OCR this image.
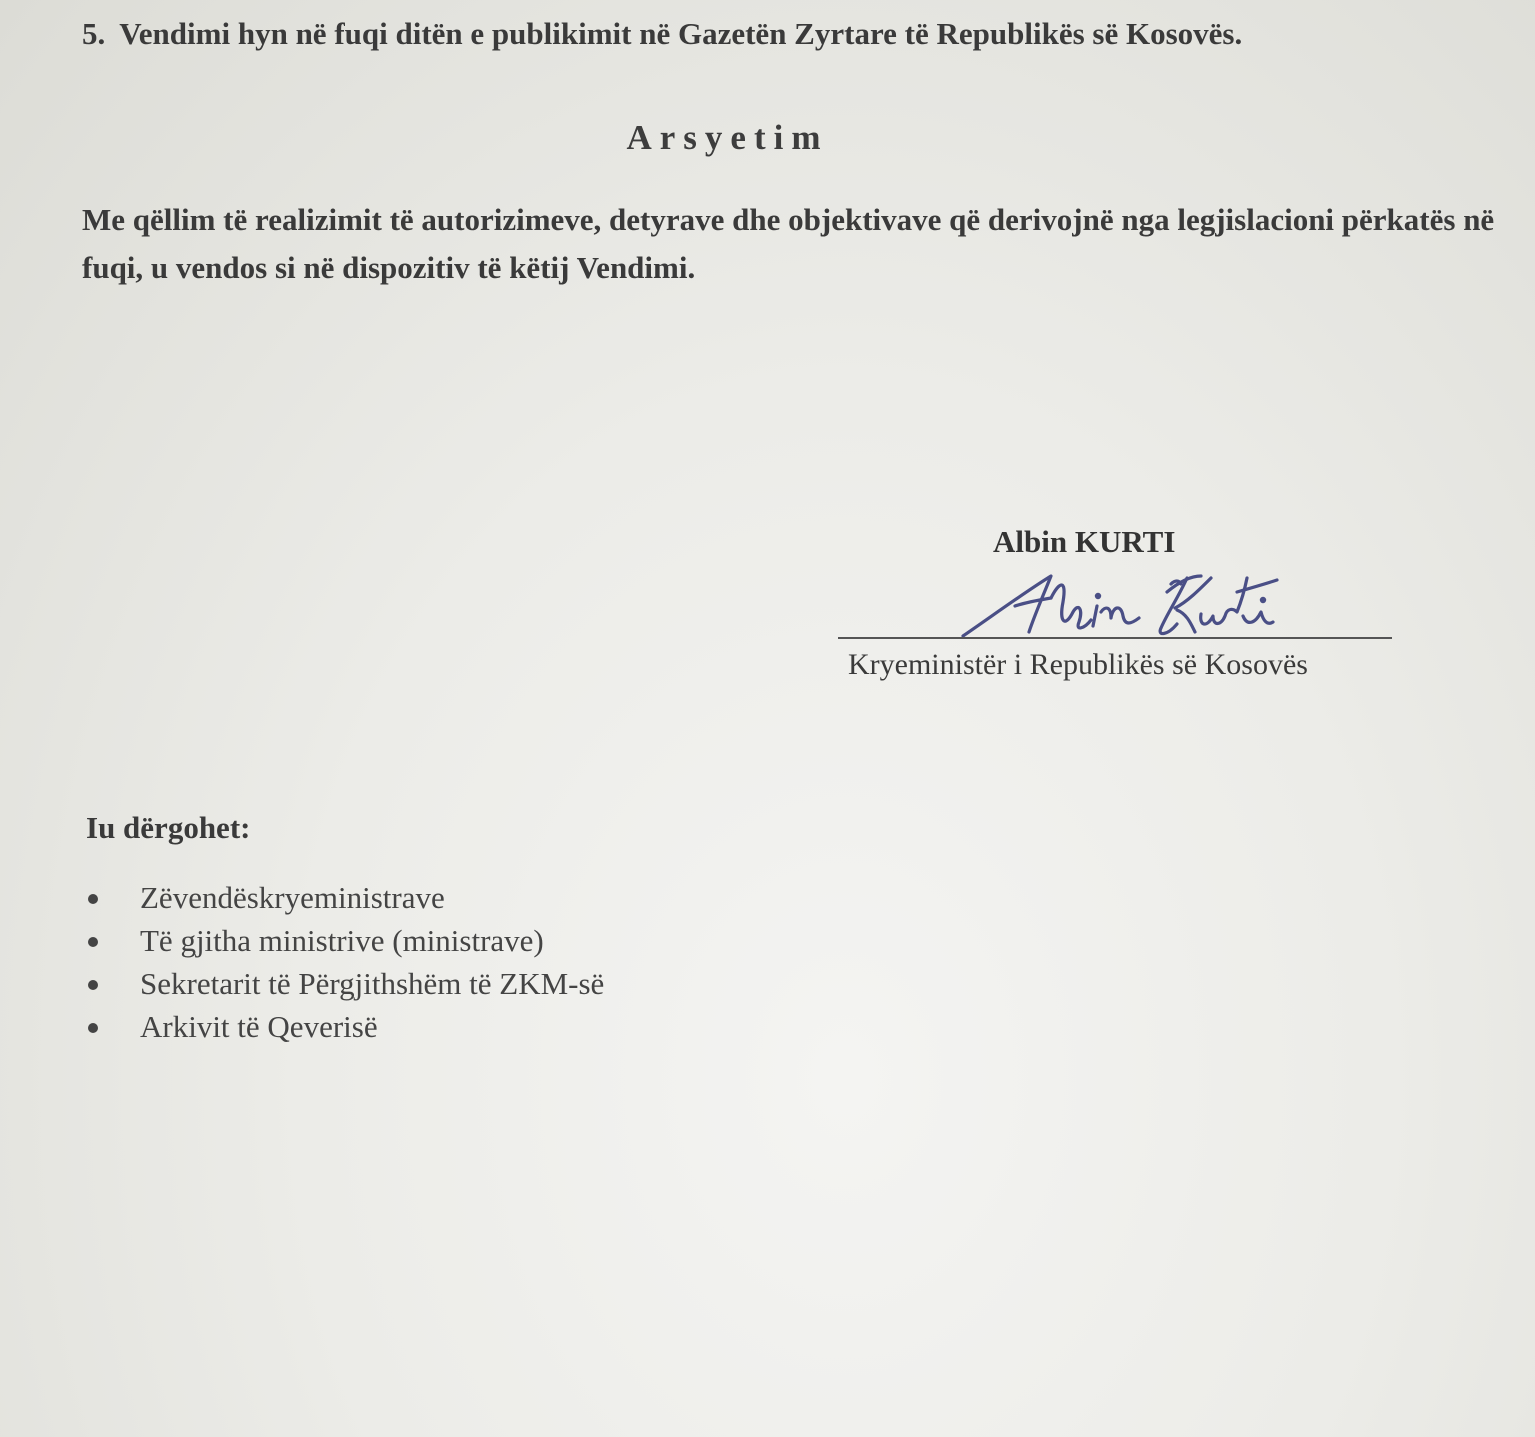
5. Vendimi hyn në fuqi ditën e publikimit në Gazetën Zyrtare të Republikës së Kosovës.
Arsyetim
Me qëllim të realizimit të autorizimeve, detyrave dhe objektivave që derivojnë nga legjislacioni përkatës në fuqi, u vendos si në dispozitiv të këtij Vendimi.
Albin KURTI
Kryeministër i Republikës së Kosovës
Iu dërgohet:
Zëvendëskryeministrave
Të gjitha ministrive (ministrave)
Sekretarit të Përgjithshëm të ZKM-së
Arkivit të Qeverisë
